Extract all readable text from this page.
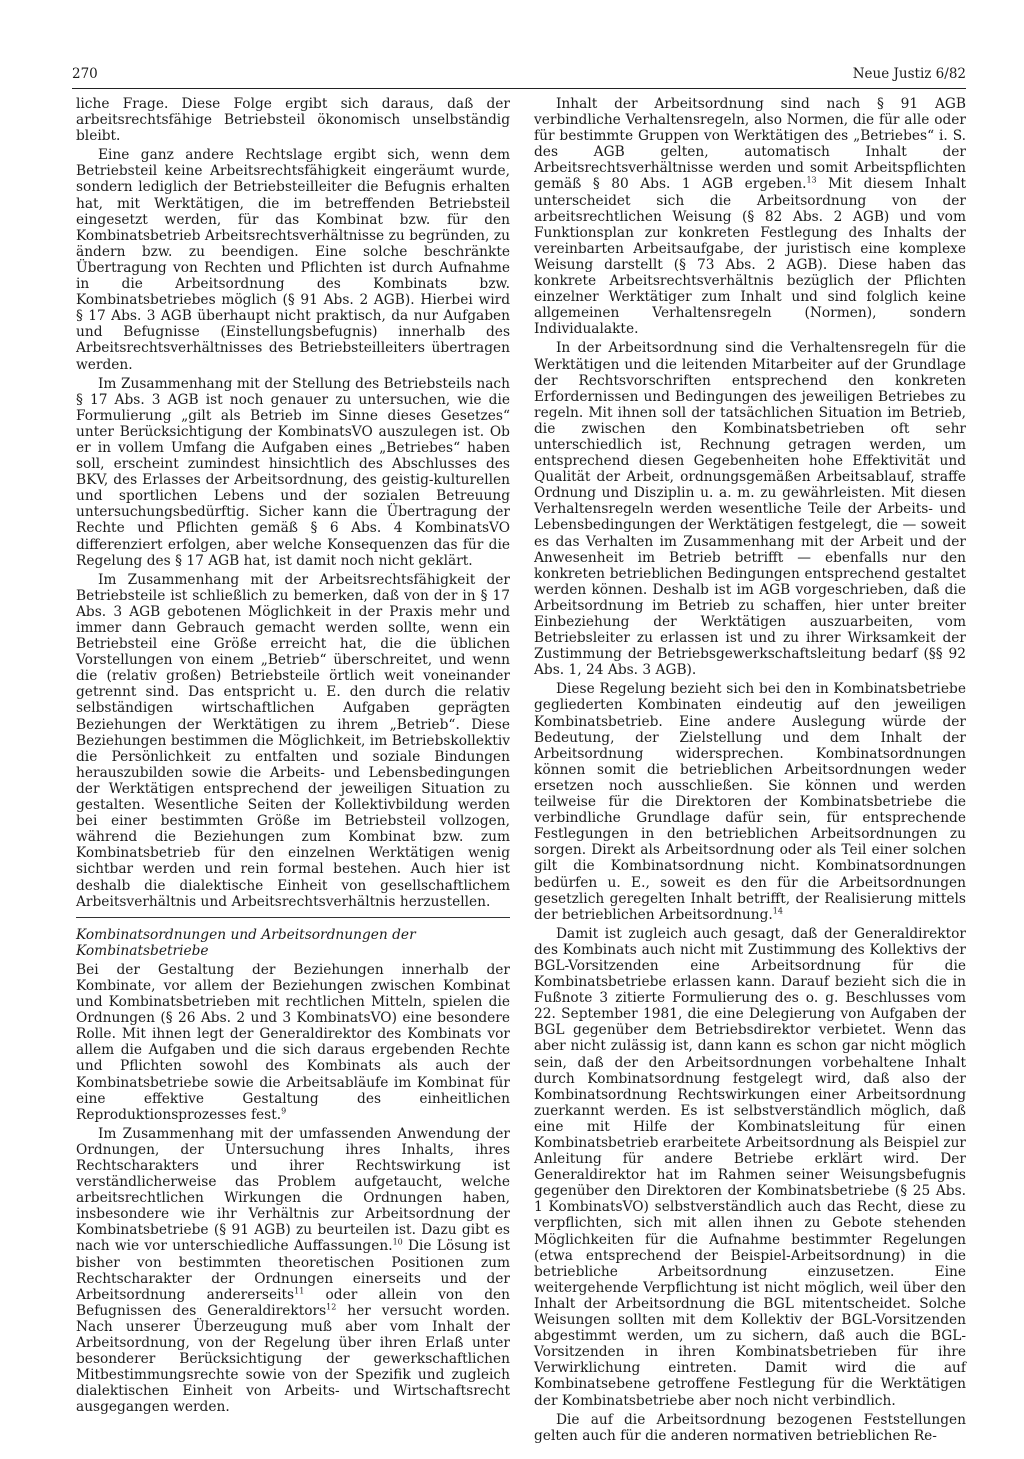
270	Neue Justiz 6/82

liche Frage. Diese Folge ergibt sich daraus, daß der arbeitsrechtsfähige Betriebsteil ökonomisch unselbständig bleibt.

Eine ganz andere Rechtslage ergibt sich, wenn dem Betriebsteil keine Arbeitsrechtsfähigkeit eingeräumt wurde, sondern lediglich der Betriebsteilleiter die Befugnis erhalten hat, mit Werktätigen, die im betreffenden Betriebsteil eingesetzt werden, für das Kombinat bzw. für den Kombinatsbetrieb Arbeitsrechtsverhältnisse zu begründen, zu ändern bzw. zu beendigen. Eine solche beschränkte Übertragung von Rechten und Pflichten ist durch Aufnahme in die Arbeitsordnung des Kombinats bzw. Kombinatsbetriebes möglich (§ 91 Abs. 2 AGB). Hierbei wird § 17 Abs. 3 AGB überhaupt nicht praktisch, da nur Aufgaben und Befugnisse (Einstellungsbefugnis) innerhalb des Arbeitsrechtsverhältnisses des Betriebsteilleiters übertragen werden.

Im Zusammenhang mit der Stellung des Betriebsteils nach § 17 Abs. 3 AGB ist noch genauer zu untersuchen, wie die Formulierung „gilt als Betrieb im Sinne dieses Gesetzes“ unter Berücksichtigung der KombinatsVO auszulegen ist. Ob er in vollem Umfang die Aufgaben eines „Betriebes“ haben soll, erscheint zumindest hinsichtlich des Abschlusses des BKV, des Erlasses der Arbeitsordnung, des geistig-kulturellen und sportlichen Lebens und der sozialen Betreuung untersuchungsbedürftig. Sicher kann die Übertragung der Rechte und Pflichten gemäß § 6 Abs. 4 KombinatsVO differenziert erfolgen, aber welche Konsequenzen das für die Regelung des § 17 AGB hat, ist damit noch nicht geklärt.

Im Zusammenhang mit der Arbeitsrechtsfähigkeit der Betriebsteile ist schließlich zu bemerken, daß von der in § 17 Abs. 3 AGB gebotenen Möglichkeit in der Praxis mehr und immer dann Gebrauch gemacht werden sollte, wenn ein Betriebsteil eine Größe erreicht hat, die die üblichen Vorstellungen von einem „Betrieb“ überschreitet, und wenn die (relativ großen) Betriebsteile örtlich weit voneinander getrennt sind. Das entspricht u. E. den durch die relativ selbständigen wirtschaftlichen Aufgaben geprägten Beziehungen der Werktätigen zu ihrem „Betrieb“. Diese Beziehungen bestimmen die Möglichkeit, im Betriebskollektiv die Persönlichkeit zu entfalten und soziale Bindungen herauszubilden sowie die Arbeits- und Lebensbedingungen der Werktätigen entsprechend der jeweiligen Situation zu gestalten. Wesentliche Seiten der Kollektivbildung werden bei einer bestimmten Größe im Betriebsteil vollzogen, während die Beziehungen zum Kombinat bzw. zum Kombinatsbetrieb für den einzelnen Werktätigen wenig sichtbar werden und rein formal bestehen. Auch hier ist deshalb die dialektische Einheit von gesellschaftlichem Arbeitsverhältnis und Arbeitsrechtsverhältnis herzustellen.

Kombinatsordnungen und Arbeitsordnungen der Kombinatsbetriebe

Bei der Gestaltung der Beziehungen innerhalb der Kombinate, vor allem der Beziehungen zwischen Kombinat und Kombinatsbetrieben mit rechtlichen Mitteln, spielen die Ordnungen (§ 26 Abs. 2 und 3 KombinatsVO) eine besondere Rolle. Mit ihnen legt der Generaldirektor des Kombinats vor allem die Aufgaben und die sich daraus ergebenden Rechte und Pflichten sowohl des Kombinats als auch der Kombinatsbetriebe sowie die Arbeitsabläufe im Kombinat für eine effektive Gestaltung des einheitlichen Reproduktionsprozesses fest.$^9$

Im Zusammenhang mit der umfassenden Anwendung der Ordnungen, der Untersuchung ihres Inhalts, ihres Rechtscharakters und ihrer Rechtswirkung ist verständlicherweise das Problem aufgetaucht, welche arbeitsrechtlichen Wirkungen die Ordnungen haben, insbesondere wie ihr Verhältnis zur Arbeitsordnung der Kombinatsbetriebe (§ 91 AGB) zu beurteilen ist. Dazu gibt es nach wie vor unterschiedliche Auffassungen.$^{10}$ Die Lösung ist bisher von bestimmten theoretischen Positionen zum Rechtscharakter der Ordnungen einerseits und der Arbeitsordnung andererseits$^{11}$ oder allein von den Befugnissen des Generaldirektors$^{12}$ her versucht worden. Nach unserer Überzeugung muß aber vom Inhalt der Arbeitsordnung, von der Regelung über ihren Erlaß unter besonderer Berücksichtigung der gewerkschaftlichen Mitbestimmungsrechte sowie von der Spezifik und zugleich dialektischen Einheit von Arbeits- und Wirtschaftsrecht ausgegangen werden.

Inhalt der Arbeitsordnung sind nach § 91 AGB verbindliche Verhaltensregeln, also Normen, die für alle oder für bestimmte Gruppen von Werktätigen des „Betriebes“ i. S. des AGB gelten, automatisch Inhalt der Arbeitsrechtsverhältnisse werden und somit Arbeitspflichten gemäß § 80 Abs. 1 AGB ergeben.$^{13}$ Mit diesem Inhalt unterscheidet sich die Arbeitsordnung von der arbeitsrechtlichen Weisung (§ 82 Abs. 2 AGB) und vom Funktionsplan zur konkreten Festlegung des Inhalts der vereinbarten Arbeitsaufgabe, der juristisch eine komplexe Weisung darstellt (§ 73 Abs. 2 AGB). Diese haben das konkrete Arbeitsrechtsverhältnis bezüglich der Pflichten einzelner Werktätiger zum Inhalt und sind folglich keine allgemeinen Verhaltensregeln (Normen), sondern Individualakte.

In der Arbeitsordnung sind die Verhaltensregeln für die Werktätigen und die leitenden Mitarbeiter auf der Grundlage der Rechtsvorschriften entsprechend den konkreten Erfordernissen und Bedingungen des jeweiligen Betriebes zu regeln. Mit ihnen soll der tatsächlichen Situation im Betrieb, die zwischen den Kombinatsbetrieben oft sehr unterschiedlich ist, Rechnung getragen werden, um entsprechend diesen Gegebenheiten hohe Effektivität und Qualität der Arbeit, ordnungsgemäßen Arbeitsablauf, straffe Ordnung und Disziplin u. a. m. zu gewährleisten. Mit diesen Verhaltensregeln werden wesentliche Teile der Arbeits- und Lebensbedingungen der Werktätigen festgelegt, die — soweit es das Verhalten im Zusammenhang mit der Arbeit und der Anwesenheit im Betrieb betrifft — ebenfalls nur den konkreten betrieblichen Bedingungen entsprechend gestaltet werden können. Deshalb ist im AGB vorgeschrieben, daß die Arbeitsordnung im Betrieb zu schaffen, hier unter breiter Einbeziehung der Werktätigen auszuarbeiten, vom Betriebsleiter zu erlassen ist und zu ihrer Wirksamkeit der Zustimmung der Betriebsgewerkschaftsleitung bedarf (§§ 92 Abs. 1, 24 Abs. 3 AGB).

Diese Regelung bezieht sich bei den in Kombinatsbetriebe gegliederten Kombinaten eindeutig auf den jeweiligen Kombinatsbetrieb. Eine andere Auslegung würde der Bedeutung, der Zielstellung und dem Inhalt der Arbeitsordnung widersprechen. Kombinatsordnungen können somit die betrieblichen Arbeitsordnungen weder ersetzen noch ausschließen. Sie können und werden teilweise für die Direktoren der Kombinatsbetriebe die verbindliche Grundlage dafür sein, für entsprechende Festlegungen in den betrieblichen Arbeitsordnungen zu sorgen. Direkt als Arbeitsordnung oder als Teil einer solchen gilt die Kombinatsordnung nicht. Kombinatsordnungen bedürfen u. E., soweit es den für die Arbeitsordnungen gesetzlich geregelten Inhalt betrifft, der Realisierung mittels der betrieblichen Arbeitsordnung.$^{14}$

Damit ist zugleich auch gesagt, daß der Generaldirektor des Kombinats auch nicht mit Zustimmung des Kollektivs der BGL-Vorsitzenden eine Arbeitsordnung für die Kombinatsbetriebe erlassen kann. Darauf bezieht sich die in Fußnote 3 zitierte Formulierung des o. g. Beschlusses vom 22. September 1981, die eine Delegierung von Aufgaben der BGL gegenüber dem Betriebsdirektor verbietet. Wenn das aber nicht zulässig ist, dann kann es schon gar nicht möglich sein, daß der den Arbeitsordnungen vorbehaltene Inhalt durch Kombinatsordnung festgelegt wird, daß also der Kombinatsordnung Rechtswirkungen einer Arbeitsordnung zuerkannt werden. Es ist selbstverständlich möglich, daß eine mit Hilfe der Kombinatsleitung für einen Kombinatsbetrieb erarbeitete Arbeitsordnung als Beispiel zur Anleitung für andere Betriebe erklärt wird. Der Generaldirektor hat im Rahmen seiner Weisungsbefugnis gegenüber den Direktoren der Kombinatsbetriebe (§ 25 Abs. 1 KombinatsVO) selbstverständlich auch das Recht, diese zu verpflichten, sich mit allen ihnen zu Gebote stehenden Möglichkeiten für die Aufnahme bestimmter Regelungen (etwa entsprechend der Beispiel-Arbeitsordnung) in die betriebliche Arbeitsordnung einzusetzen. Eine weitergehende Verpflichtung ist nicht möglich, weil über den Inhalt der Arbeitsordnung die BGL mitentscheidet. Solche Weisungen sollten mit dem Kollektiv der BGL-Vorsitzenden abgestimmt werden, um zu sichern, daß auch die BGL-Vorsitzenden in ihren Kombinatsbetrieben für ihre Verwirklichung eintreten. Damit wird die auf Kombinatsebene getroffene Festlegung für die Werktätigen der Kombinatsbetriebe aber noch nicht verbindlich.

Die auf die Arbeitsordnung bezogenen Feststellungen gelten auch für die anderen normativen betrieblichen Re-
